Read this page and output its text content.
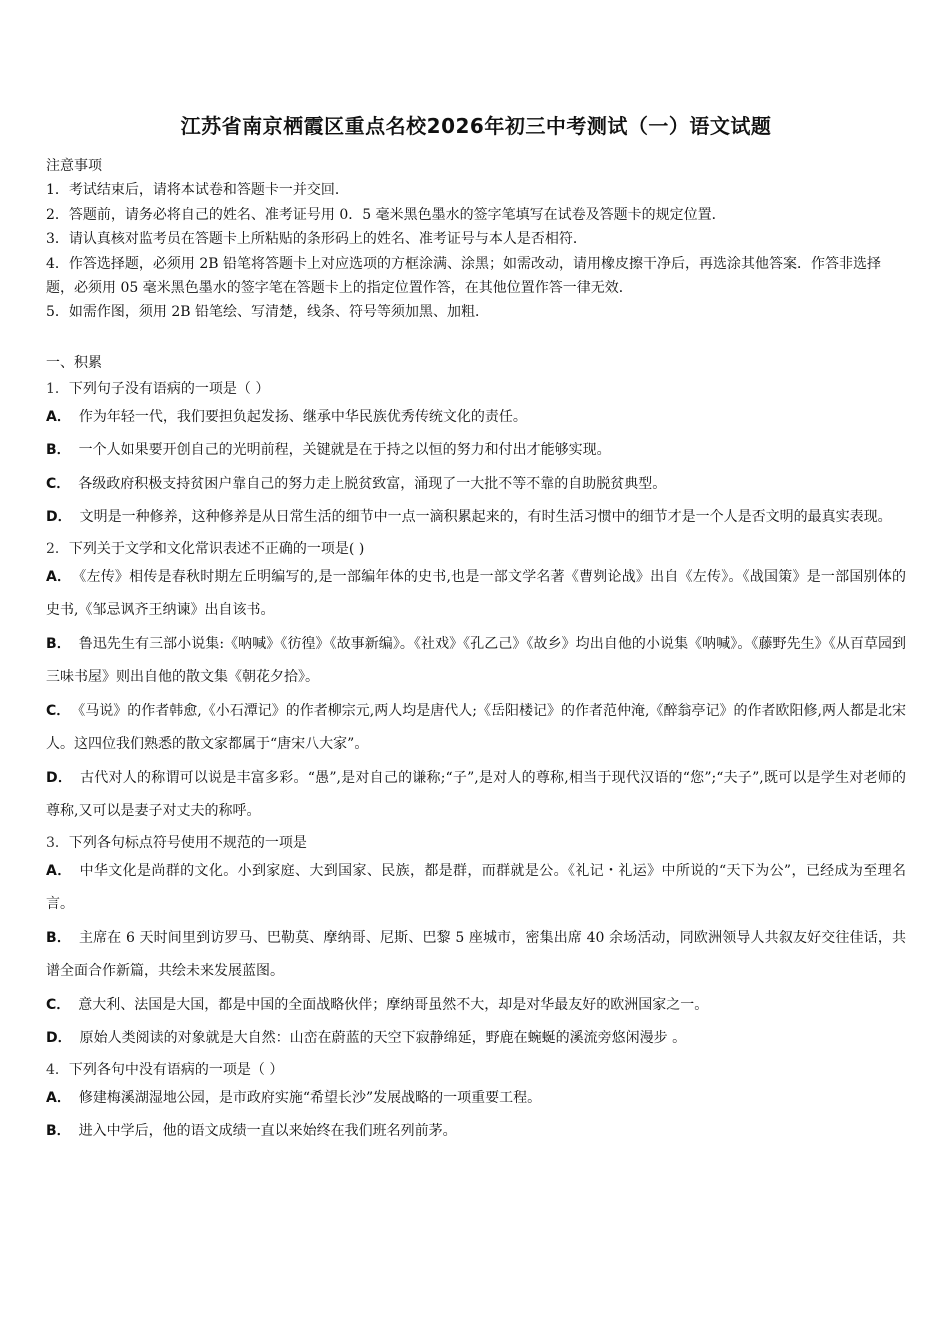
江苏省南京栖霞区重点名校2026年初三中考测试（一）语文试题
注意事项
1．考试结束后，请将本试卷和答题卡一并交回．
2．答题前，请务必将自己的姓名、准考证号用 0．5 毫米黑色墨水的签字笔填写在试卷及答题卡的规定位置．
3．请认真核对监考员在答题卡上所粘贴的条形码上的姓名、准考证号与本人是否相符．
4．作答选择题，必须用 2B 铅笔将答题卡上对应选项的方框涂满、涂黑；如需改动，请用橡皮擦干净后，再选涂其他答案．作答非选择题，必须用 05 毫米黑色墨水的签字笔在答题卡上的指定位置作答，在其他位置作答一律无效．
5．如需作图，须用 2B 铅笔绘、写清楚，线条、符号等须加黑、加粗．
一、积累
1．下列句子没有语病的一项是（ ）
A． 作为年轻一代，我们要担负起发扬、继承中华民族优秀传统文化的责任。
B． 一个人如果要开创自己的光明前程，关键就是在于持之以恒的努力和付出才能够实现。
C． 各级政府积极支持贫困户靠自己的努力走上脱贫致富，涌现了一大批不等不靠的自助脱贫典型。
D． 文明是一种修养，这种修养是从日常生活的细节中一点一滴积累起来的，有时生活习惯中的细节才是一个人是否文明的最真实表现。
2．下列关于文学和文化常识表述不正确的一项是( )
A． 《左传》相传是春秋时期左丘明编写的,是一部编年体的史书,也是一部文学名著《曹刿论战》出自《左传》。《战国策》是一部国别体的史书,《邹忌讽齐王纳谏》出自该书。
B． 鲁迅先生有三部小说集:《呐喊》《彷徨》《故事新编》。《社戏》《孔乙己》《故乡》均出自他的小说集《呐喊》。《藤野先生》《从百草园到三味书屋》则出自他的散文集《朝花夕拾》。
C． 《马说》的作者韩愈,《小石潭记》的作者柳宗元,两人均是唐代人;《岳阳楼记》的作者范仲淹,《醉翁亭记》的作者欧阳修,两人都是北宋人。这四位我们熟悉的散文家都属于“唐宋八大家”。
D． 古代对人的称谓可以说是丰富多彩。“愚”,是对自己的谦称;“子”,是对人的尊称,相当于现代汉语的“您”;“夫子”,既可以是学生对老师的尊称,又可以是妻子对丈夫的称呼。
3．下列各句标点符号使用不规范的一项是
A． 中华文化是尚群的文化。小到家庭、大到国家、民族，都是群，而群就是公。《礼记・礼运》中所说的“天下为公”，已经成为至理名言。
B． 主席在 6 天时间里到访罗马、巴勒莫、摩纳哥、尼斯、巴黎 5 座城市，密集出席 40 余场活动，同欧洲领导人共叙友好交往佳话，共谱全面合作新篇，共绘未来发展蓝图。
C． 意大利、法国是大国，都是中国的全面战略伙伴；摩纳哥虽然不大，却是对华最友好的欧洲国家之一。
D． 原始人类阅读的对象就是大自然：山峦在蔚蓝的天空下寂静绵延，野鹿在蜿蜒的溪流旁悠闲漫步 。
4．下列各句中没有语病的一项是（ ）
A． 修建梅溪湖湿地公园，是市政府实施“希望长沙”发展战略的一项重要工程。
B． 进入中学后，他的语文成绩一直以来始终在我们班名列前茅。
